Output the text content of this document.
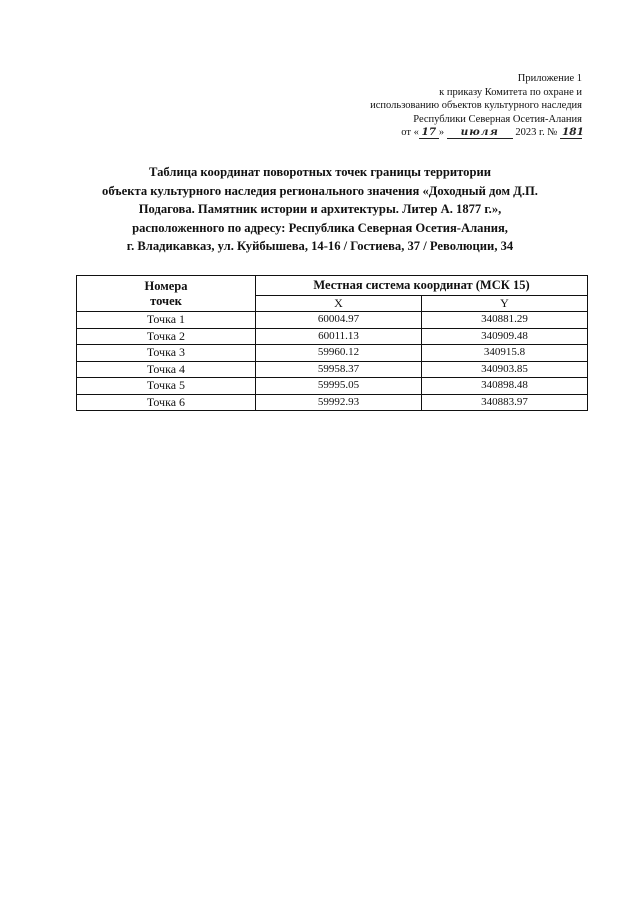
Приложение 1
к приказу Комитета по охране и
использованию объектов культурного наследия
Республики Северная Осетия-Алания
от « 17 » июля 2023 г. № 181
Таблица координат поворотных точек границы территории
объекта культурного наследия регионального значения «Доходный дом Д.П.
Подагова. Памятник истории и архитектуры. Литер А. 1877 г.»,
расположенного по адресу: Республика Северная Осетия-Алания,
г. Владикавказ, ул. Куйбышева, 14-16 / Гостиева, 37 / Революции, 34
Номера
точек	Местная система координат (МСК 15)	
	X	Y
Точка 1	60004.97	340881.29
Точка 2	60011.13	340909.48
Точка 3	59960.12	340915.8
Точка 4	59958.37	340903.85
Точка 5	59995.05	340898.48
Точка 6	59992.93	340883.97
